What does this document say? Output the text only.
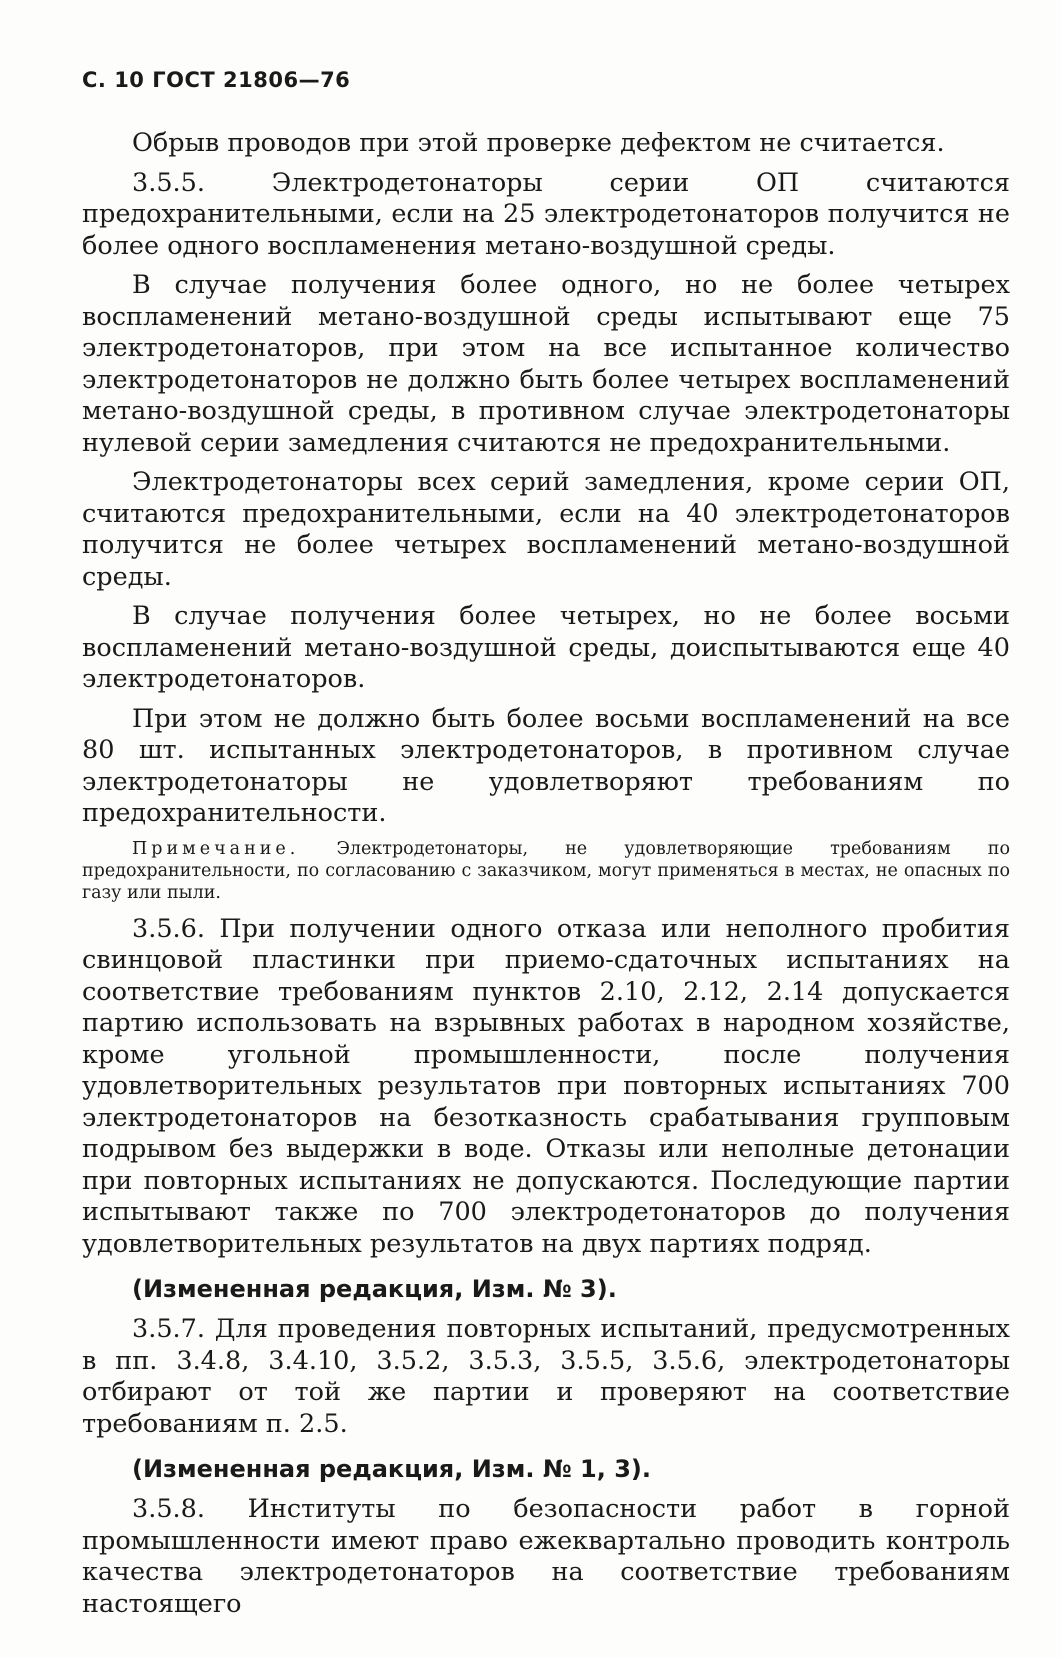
С. 10 ГОСТ 21806—76

Обрыв проводов при этой проверке дефектом не считается.

3.5.5. Электродетонаторы серии ОП считаются предохранительными, если на 25 электродетонаторов получится не более одного воспламенения метано-воздушной среды.

В случае получения более одного, но не более четырех воспламенений метано-воздушной среды испытывают еще 75 электродетонаторов, при этом на все испытанное количество электродетонаторов не должно быть более четырех воспламенений метано-воздушной среды, в противном случае электродетонаторы нулевой серии замедления считаются не предохранительными.

Электродетонаторы всех серий замедления, кроме серии ОП, считаются предохранительными, если на 40 электродетонаторов получится не более четырех воспламенений метано-воздушной среды.

В случае получения более четырех, но не более восьми воспламенений метано-воздушной среды, доиспытываются еще 40 электродетонаторов.

При этом не должно быть более восьми воспламенений на все 80 шт. испытанных электродетонаторов, в противном случае электродетонаторы не удовлетворяют требованиям по предохранительности.

Примечание. Электродетонаторы, не удовлетворяющие требованиям по предохранительности, по согласованию с заказчиком, могут применяться в местах, не опасных по газу или пыли.

3.5.6. При получении одного отказа или неполного пробития свинцовой пластинки при приемо-сдаточных испытаниях на соответствие требованиям пунктов 2.10, 2.12, 2.14 допускается партию использовать на взрывных работах в народном хозяйстве, кроме угольной промышленности, после получения удовлетворительных результатов при повторных испытаниях 700 электродетонаторов на безотказность срабатывания групповым подрывом без выдержки в воде. Отказы или неполные детонации при повторных испытаниях не допускаются. Последующие партии испытывают также по 700 электродетонаторов до получения удовлетворительных результатов на двух партиях подряд.

(Измененная редакция, Изм. № 3).

3.5.7. Для проведения повторных испытаний, предусмотренных в пп. 3.4.8, 3.4.10, 3.5.2, 3.5.3, 3.5.5, 3.5.6, электродетонаторы отбирают от той же партии и проверяют на соответствие требованиям п. 2.5.

(Измененная редакция, Изм. № 1, 3).

3.5.8. Институты по безопасности работ в горной промышленности имеют право ежеквартально проводить контроль качества электродетонаторов на соответствие требованиям настоящего
